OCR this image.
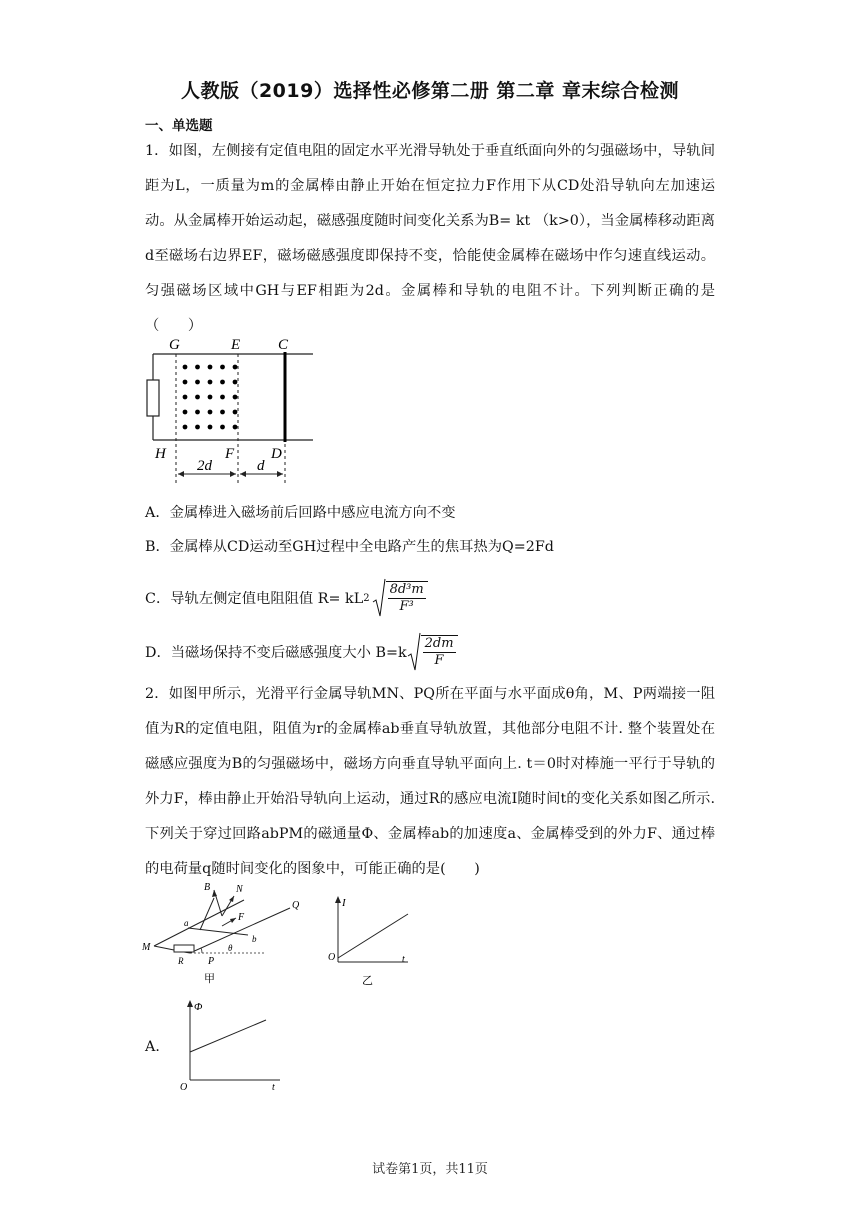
人教版（2019）选择性必修第二册 第二章 章末综合检测
一、单选题
1．如图，左侧接有定值电阻的固定水平光滑导轨处于垂直纸面向外的匀强磁场中，导轨间距为L，一质量为m的金属棒由静止开始在恒定拉力F作用下从CD处沿导轨向左加速运动。从金属棒开始运动起，磁感强度随时间变化关系为B= kt （k>0），当金属棒移动距离d至磁场右边界EF，磁场磁感强度即保持不变，恰能使金属棒在磁场中作匀速直线运动。匀强磁场区域中GH与EF相距为2d。金属棒和导轨的电阻不计。下列判断正确的是（　　）
G	E	C
H	F D
2d	d
A．金属棒进入磁场前后回路中感应电流方向不变
B．金属棒从CD运动至GH过程中全电路产生的焦耳热为Q=2Fd
C．导轨左侧定值电阻阻值 R= kL $2 \frac{\text{8d³m}}{\text{F³}}$
D．当磁场保持不变后磁感强度大小 $B=k \frac{2dm}{F}$
2．如图甲所示，光滑平行金属导轨MN、PQ所在平面与水平面成θ角，M、P两端接一阻值为R的定值电阻，阻值为r的金属棒ab垂直导轨放置，其他部分电阻不计. 整个装置处在磁感应强度为B的匀强磁场中，磁场方向垂直导轨平面向上. t＝0时对棒施一平行于导轨的外力F，棒由静止开始沿导轨向上运动，通过R的感应电流I随时间t的变化关系如图乙所示. 下列关于穿过回路abPM的磁通量Φ、金属棒ab的加速度a、金属棒受到的外力F、通过棒的电荷量q随时间变化的图象中，可能正确的是(　　)
B	N
a	F
Q
b
M
R P
θ
甲
I
O	t
乙
A．
Φ
O	t
试卷第1页，共11页
